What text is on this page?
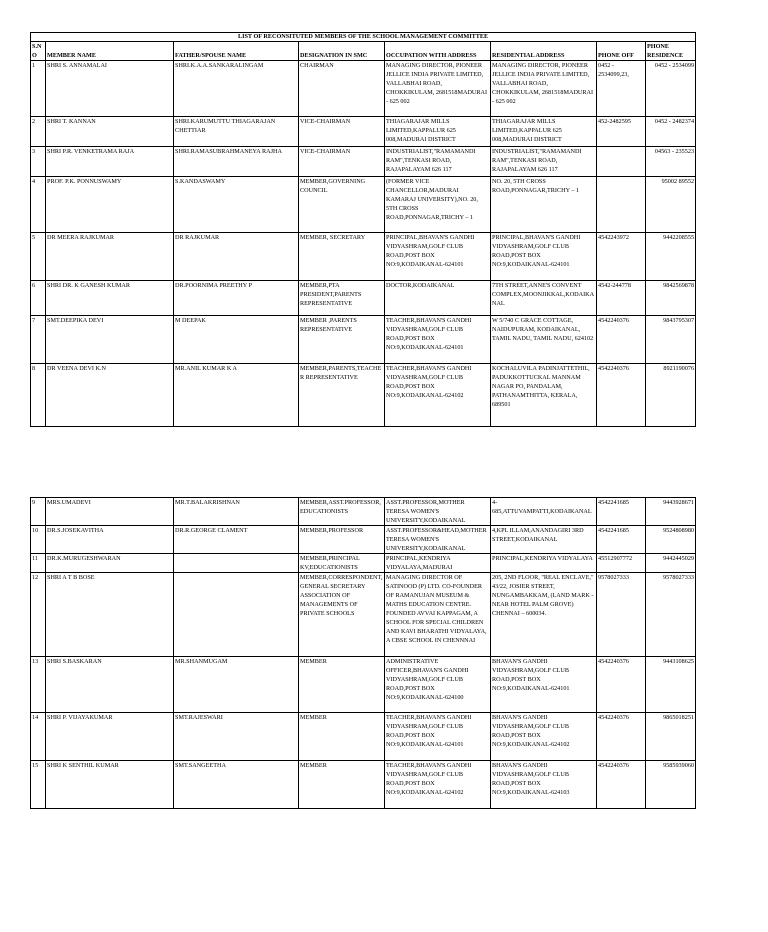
LIST OF RECONSITUTED MEMBERS OF THE SCHOOL MANAGEMENT COMMITTEE							
S.N O	MEMBER NAME	FATHER/SPOUSE NAME	DESIGNATION IN SMC	OCCUPATION WITH ADDRESS	RESIDENTIAL ADDRESS	PHONE OFF	PHONE RESIDENCE
1	SHRI S. ANNAMALAI	SHRI.K.A.A.SANKARALINGAM	CHAIRMAN	MANAGING DIRECTOR, PIONEER JELLICE INDIA PRIVATE LIMITED, VALLABHAI ROAD, CHOKKIKULAM, 2681518MADURAI - 625 002	MANAGING DIRECTOR, PIONEER JELLICE INDIA PRIVATE LIMITED, VALLABHAI ROAD, CHOKKIKULAM, 2681518MADURAI - 625 002	0452 - 2534099,23,	0452 - 2534099
2	SHRI T. KANNAN	SHRI.KARUMUTTU THIAGARAJAN CHETTIAR	VICE-CHAIRMAN	THIAGARAJAR MILLS LIMITED,KAPPALUR 625 008,MADURAI DISTRICT	THIAGARAJAR MILLS LIMITED,KAPPALUR 625 008,MADURAI DISTRICT	452-2482595	0452 - 2482374
3	SHRI P.R. VENKETRAMA RAJA	SHRI.RAMASUBRAHMANEYA RAJHA	VICE-CHAIRMAN	INDUSTRIALIST,"RAMAMANDI RAM",TENKASI ROAD, RAJAPALAYAM 626 117	INDUSTRIALIST,"RAMAMANDI RAM",TENKASI ROAD, RAJAPALAYAM 626 117		04563 - 235523
4	PROF. P.K. PONNUSWAMY	S.KANDASWAMY	MEMBER,GOVERNING COUNCIL	(FORMER VICE CHANCELLOR,MADURAI KAMARAJ UNIVERSITY),NO. 20, 5TH CROSS ROAD,PONNAGAR,TRICHY – 1	NO. 20, 5TH CROSS ROAD,PONNAGAR,TRICHY – 1		95002 89552
5	DR MEERA RAJKUMAR	DR RAJKUMAR	MEMBER, SECRETARY	PRINCIPAL,BHAVAN'S GANDHI VIDYASHRAM,GOLF CLUB ROAD,POST BOX NO:9,KODAIKANAL-624101	PRINCIPAL,BHAVAN'S GANDHI VIDYASHRAM,GOLF CLUB ROAD,POST BOX NO:9,KODAIKANAL-624101	4542243972	9442208555
6	SHRI DR. K GANESH KUMAR	DR.POORNIMA PREETHY P	MEMBER,PTA PRESIDENT,PARENTS REPRESENTATIVE	DOCTOR,KODAIKANAL	7TH STREET,ANNE'S CONVENT COMPLEX,MOONJIKKAL,KODAIKANAL	4542-244778	9842569878
7	SMT.DEEPIKA DEVI	M DEEPAK	MEMBER ,PARENTS REPRESENTATIVE	TEACHER,BHAVAN'S GANDHI VIDYASHRAM,GOLF CLUB ROAD,POST BOX NO:9,KODAIKANAL-624101	W 5/740 C GRACE COTTAGE, NAIDUPURAM, KODAIKANAL, TAMIL NADU, TAMIL NADU, 624102	4542240376	9843795307
8	DR VEENA DEVI K.N	MR.ANIL KUMAR K A	MEMBER,PARENTS,TEACHER REPRESENTATIVE	TEACHER,BHAVAN'S GANDHI VIDYASHRAM,GOLF CLUB ROAD,POST BOX NO:9,KODAIKANAL-624102	KOCHALUVILA PADINJATTETHIL, PADUKKOTTUCKAL MANNAM NAGAR PO, PANDALAM, PATHANAMTHITTA, KERALA, 689501	4542240376	8921190076
9	MRS.UMADEVI	MR.T.BALAKRISHNAN	MEMBER,ASST.PROFESSOR,EDUCATIONISTS	ASST.PROFESSOR,MOTHER TERESA WOMEN'S UNIVERSITY,KODAIKANAL	4-685,ATTUVAMPATTI,KODAIKANAL	4542241685	9443928671
10	DR.S.JOSEKAVITHA	DR.R.GEORGE CLAMENT	MEMBER,PROFESSOR	ASST.PROFESSOR&HEAD,MOTHER TERESA WOMEN'S UNIVERSITY,KODAIKANAL	4,KPL ILLAM,ANANDAGIRI 3RD STREET,KODAIKANAL	4542241685	9524808980
11	DR.K.MURUGESHWARAN		MEMBER,PRINCIPAL KV,EDUCATIONISTS	PRINCIPAL,KENDRIYA VIDYALAYA,MADURAI	PRINCIPAL,KENDRIYA VIDYALAYA	45512907772	9442445029
12	SHRI A T B BOSE		MEMBER,CORRESPONDENT, GENERAL SECRETARY ASSOCIATION OF MANAGEMENTS OF PRIVATE SCHOOLS	MANAGING DIRECTOR OF SATINOOD (P) LTD. CO-FOUNDER OF RAMANUJAN MUSEUM & MATHS EDUCATION CENTRE. FOUNDED AVVAI KAPPAGAM, A SCHOOL FOR SPECIAL CHILDREN AND KAVI BHARATHI VIDYALAYA, A CBSE SCHOOL IN CHENNNAI	205, 2ND FLOOR, "REAL ENCLAVE," 43/22, JOSIER STREET, NUNGAMBAKKAM, (LAND MARK - NEAR HOTEL PALM GROVE) CHENNAI – 600034.	9578027333	9578027333
13	SHRI S.BASKARAN	MR.SHANMUGAM	MEMBER	ADMINISTRATIVE OFFICER,BHAVAN'S GANDHI VIDYASHRAM,GOLF CLUB ROAD,POST BOX NO:9,KODAIKANAL-624100	BHAVAN'S GANDHI VIDYASHRAM,GOLF CLUB ROAD,POST BOX NO:9,KODAIKANAL-624101	4542240376	9443108625
14	SHRI P. VIJAYAKUMAR	SMT.RAJESWARI	MEMBER	TEACHER,BHAVAN'S GANDHI VIDYASHRAM,GOLF CLUB ROAD,POST BOX NO:9,KODAIKANAL-624101	BHAVAN'S GANDHI VIDYASHRAM,GOLF CLUB ROAD,POST BOX NO:9,KODAIKANAL-624102	4542240376	9865018251
15	SHRI K SENTHIL KUMAR	SMT.SANGEETHA	MEMBER	TEACHER,BHAVAN'S GANDHI VIDYASHRAM,GOLF CLUB ROAD,POST BOX NO:9,KODAIKANAL-624102	BHAVAN'S GANDHI VIDYASHRAM,GOLF CLUB ROAD,POST BOX NO:9,KODAIKANAL-624103	4542240376	9585939060
